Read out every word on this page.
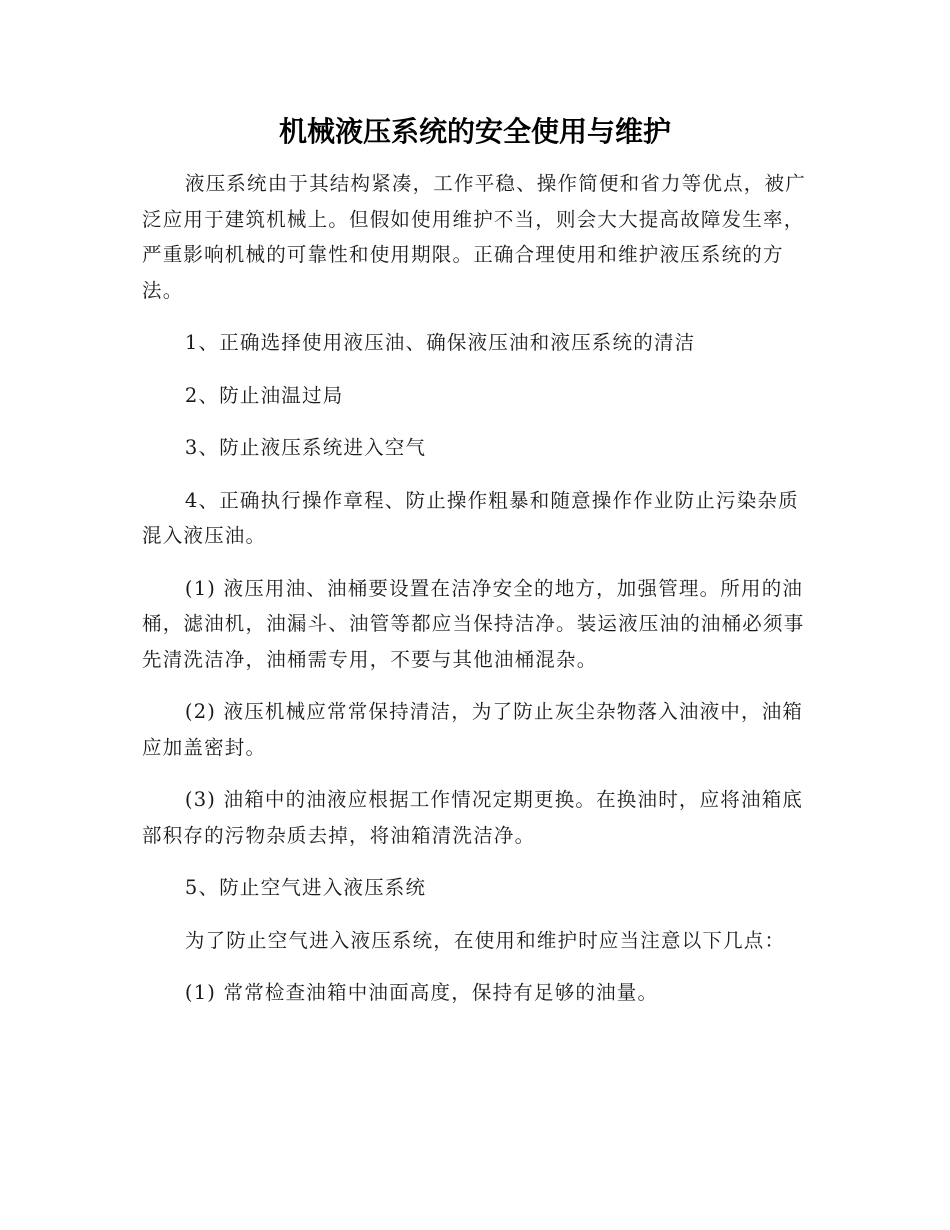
机械液压系统的安全使用与维护

液压系统由于其结构紧凑，工作平稳、操作简便和省力等优点，被广泛应用于建筑机械上。但假如使用维护不当，则会大大提高故障发生率，严重影响机械的可靠性和使用期限。正确合理使用和维护液压系统的方法。

1、正确选择使用液压油、确保液压油和液压系统的清洁

2、防止油温过局

3、防止液压系统进入空气

4、正确执行操作章程、防止操作粗暴和随意操作作业防止污染杂质混入液压油。

(1) 液压用油、油桶要设置在洁净安全的地方，加强管理。所用的油桶，滤油机，油漏斗、油管等都应当保持洁净。装运液压油的油桶必须事先清洗洁净，油桶需专用，不要与其他油桶混杂。

(2) 液压机械应常常保持清洁，为了防止灰尘杂物落入油液中，油箱应加盖密封。

(3) 油箱中的油液应根据工作情况定期更换。在换油时，应将油箱底部积存的污物杂质去掉，将油箱清洗洁净。

5、防止空气进入液压系统

为了防止空气进入液压系统，在使用和维护时应当注意以下几点：

(1) 常常检查油箱中油面高度，保持有足够的油量。
